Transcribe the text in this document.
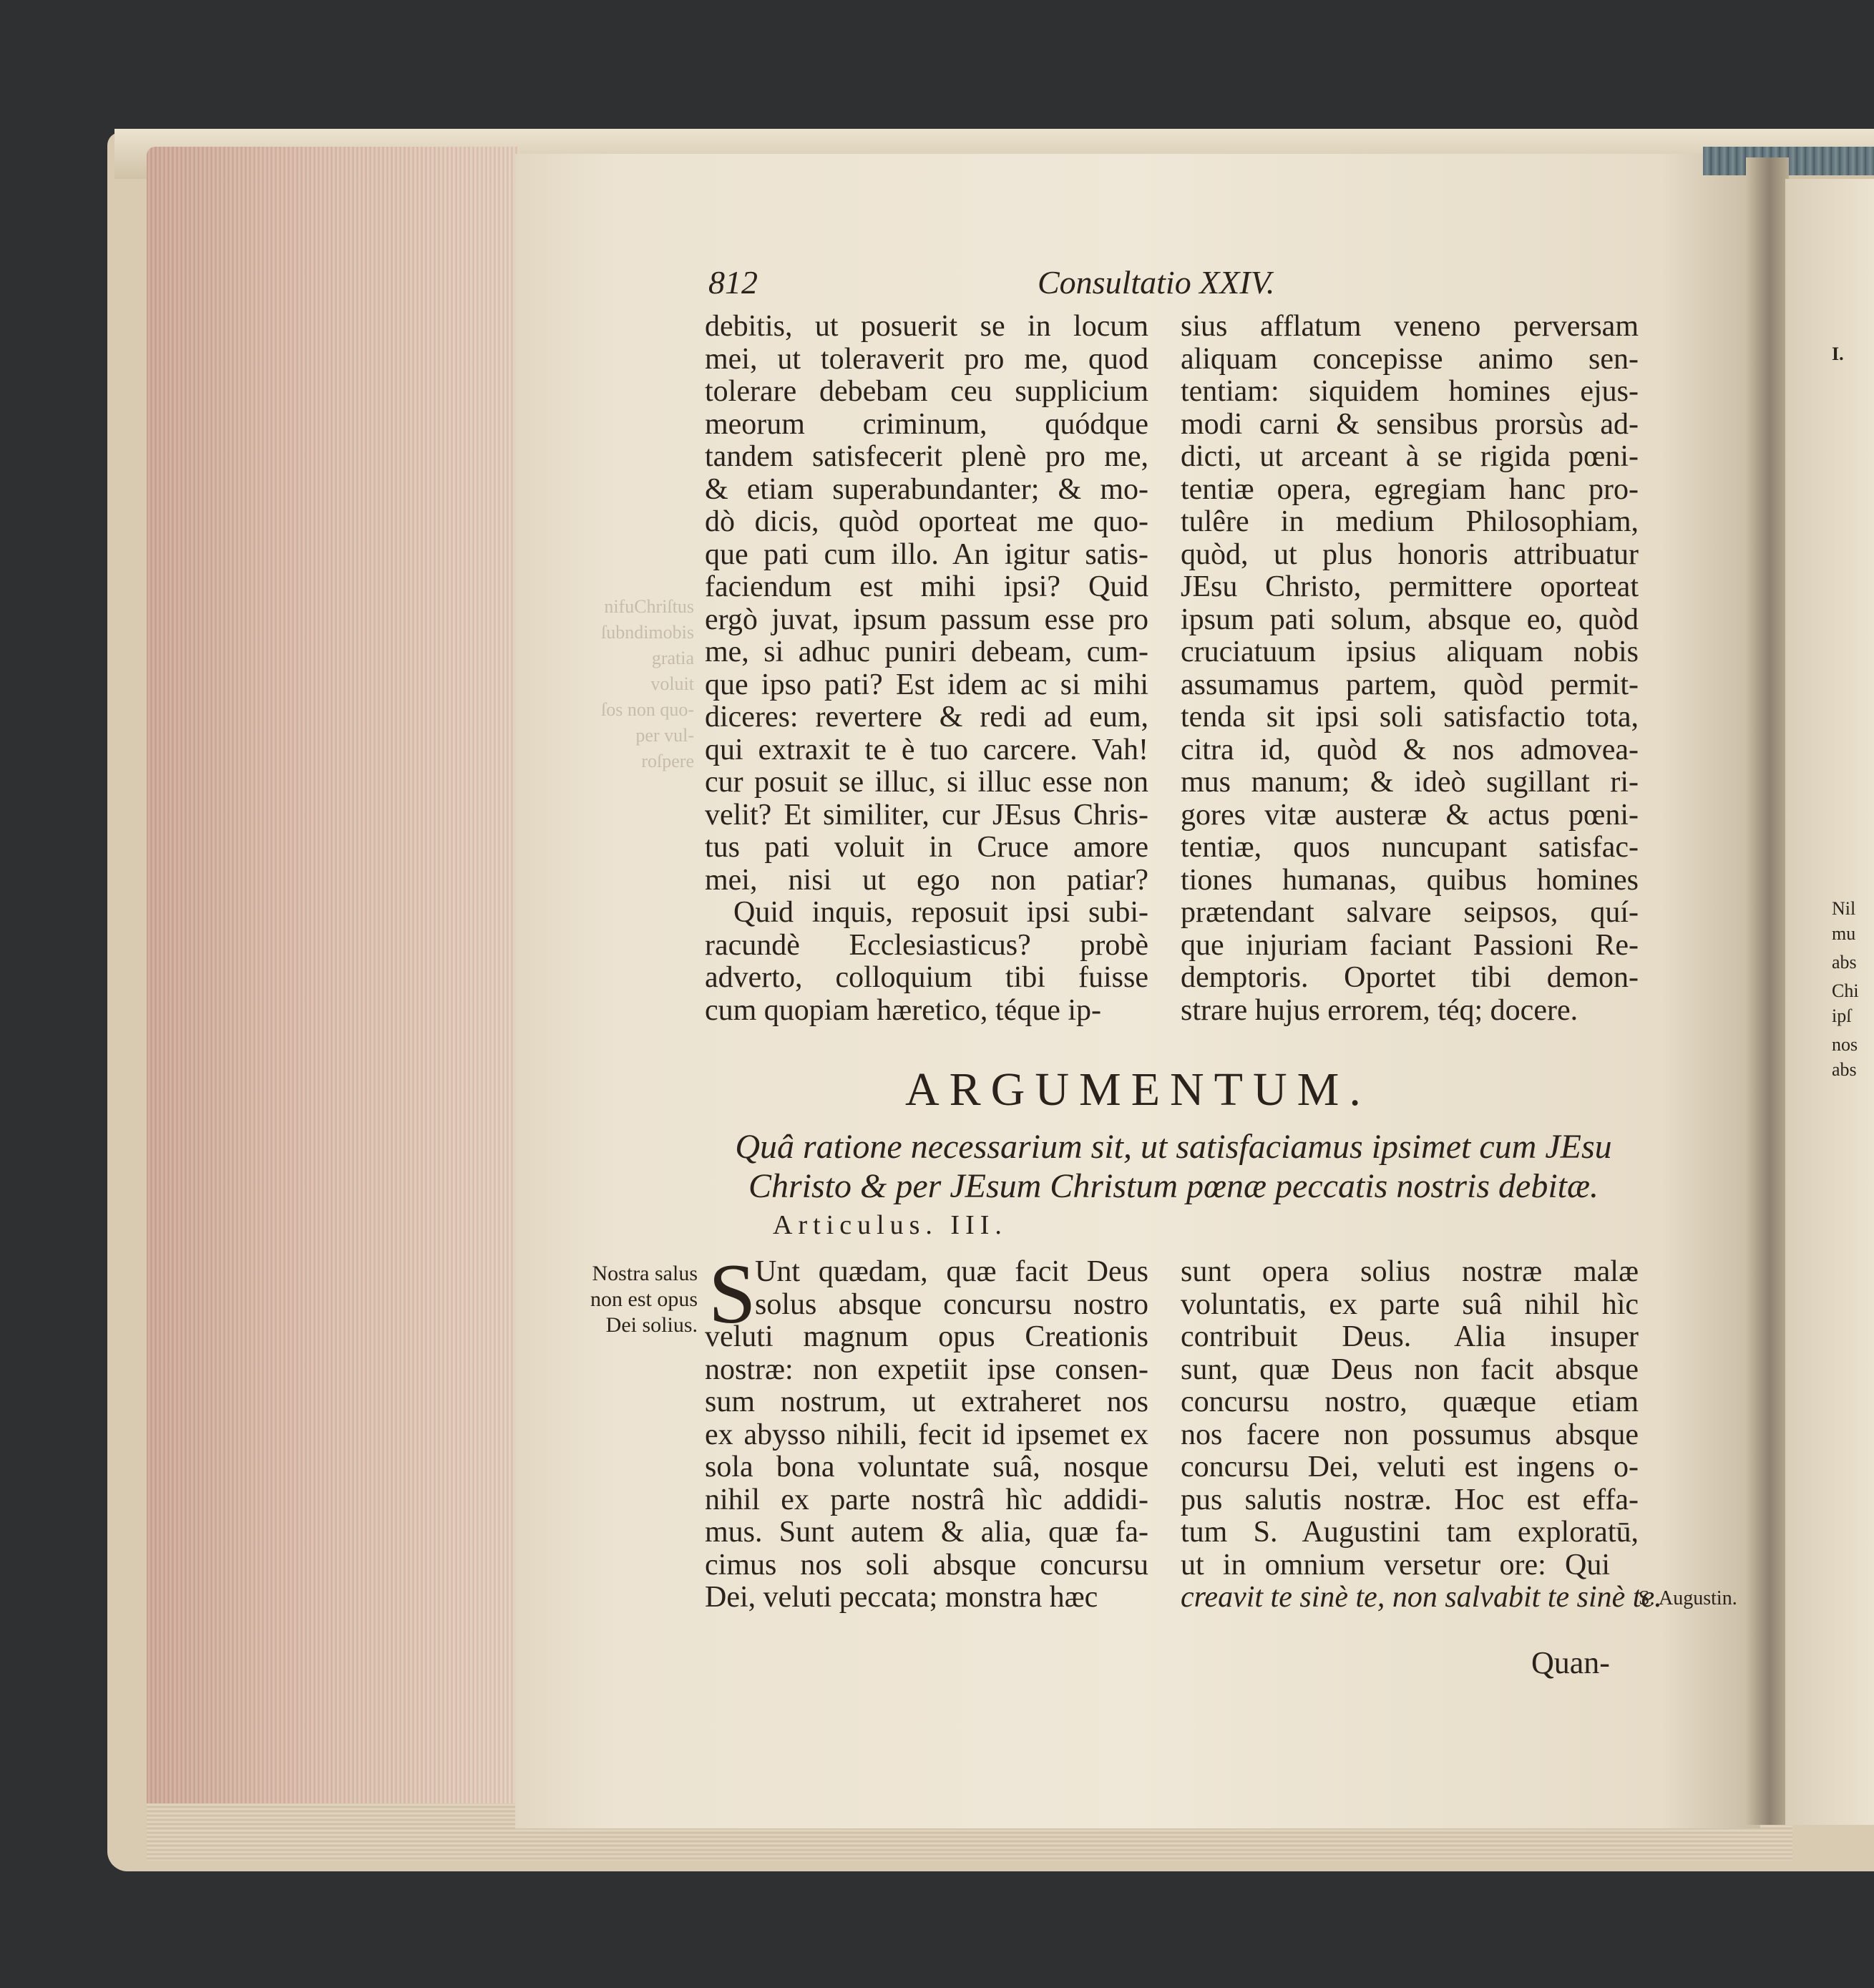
nifuChriſtus
ſubndimobis
gratia
voluit
ſos non quo-
per vul-
roſpere
812	Consultatio XXIV.
debitis, ut posuerit se in locum
mei, ut toleraverit pro me, quod
tolerare debebam ceu supplicium
meorum criminum, quódque
tandem satisfecerit plenè pro me,
& etiam superabundanter; & mo-
dò dicis, quòd oporteat me quo-
que pati cum illo. An igitur satis-
faciendum est mihi ipsi? Quid
ergò juvat, ipsum passum esse pro
me, si adhuc puniri debeam, cum-
que ipso pati? Est idem ac si mihi
diceres: revertere & redi ad eum,
qui extraxit te è tuo carcere. Vah!
cur posuit se illuc, si illuc esse non
velit? Et similiter, cur JEsus Chris-
tus pati voluit in Cruce amore
mei, nisi ut ego non patiar?
Quid inquis, reposuit ipsi subi-
racundè Ecclesiasticus? probè
adverto, colloquium tibi fuisse
cum quopiam hæretico, téque ip-
sius afflatum veneno perversam
aliquam concepisse animo sen-
tentiam: siquidem homines ejus-
modi carni & sensibus prorsùs ad-
dicti, ut arceant à se rigida pœni-
tentiæ opera, egregiam hanc pro-
tulêre in medium Philosophiam,
quòd, ut plus honoris attribuatur
JEsu Christo, permittere oporteat
ipsum pati solum, absque eo, quòd
cruciatuum ipsius aliquam nobis
assumamus partem, quòd permit-
tenda sit ipsi soli satisfactio tota,
citra id, quòd & nos admovea-
mus manum; & ideò sugillant ri-
gores vitæ austeræ & actus pœni-
tentiæ, quos nuncupant satisfac-
tiones humanas, quibus homines
prætendant salvare seipsos, quí-
que injuriam faciant Passioni Re-
demptoris. Oportet tibi demon-
strare hujus errorem, téq; docere.
ARGUMENTUM.
Quâ ratione necessarium sit, ut satisfaciamus ipsimet cum JEsu
Christo & per JEsum Christum pœnæ peccatis nostris debitæ.
Articulus. III.
Nostra salus
non est opus
Dei solius. S
Unt quædam, quæ facit Deus
solus absque concursu nostro
veluti magnum opus Creationis
nostræ: non expetiit ipse consen-
sum nostrum, ut extraheret nos
ex abysso nihili, fecit id ipsemet ex
sola bona voluntate suâ, nosque
nihil ex parte nostrâ hìc addidi-
mus. Sunt autem & alia, quæ fa-
cimus nos soli absque concursu
Dei, veluti peccata; monstra hæc
sunt opera solius nostræ malæ
voluntatis, ex parte suâ nihil hìc
contribuit Deus. Alia insuper
sunt, quæ Deus non facit absque
concursu nostro, quæque etiam
nos facere non possumus absque
concursu Dei, veluti est ingens o-
pus salutis nostræ. Hoc est effa-
tum S. Augustini tam exploratū,
ut in omnium versetur ore: Qui
creavit te sinè te, non salvabit te sinè te.
S. Augustin.
Quan-
I.
Nil
mu
abs
Chi
ipſ
nos
abs
